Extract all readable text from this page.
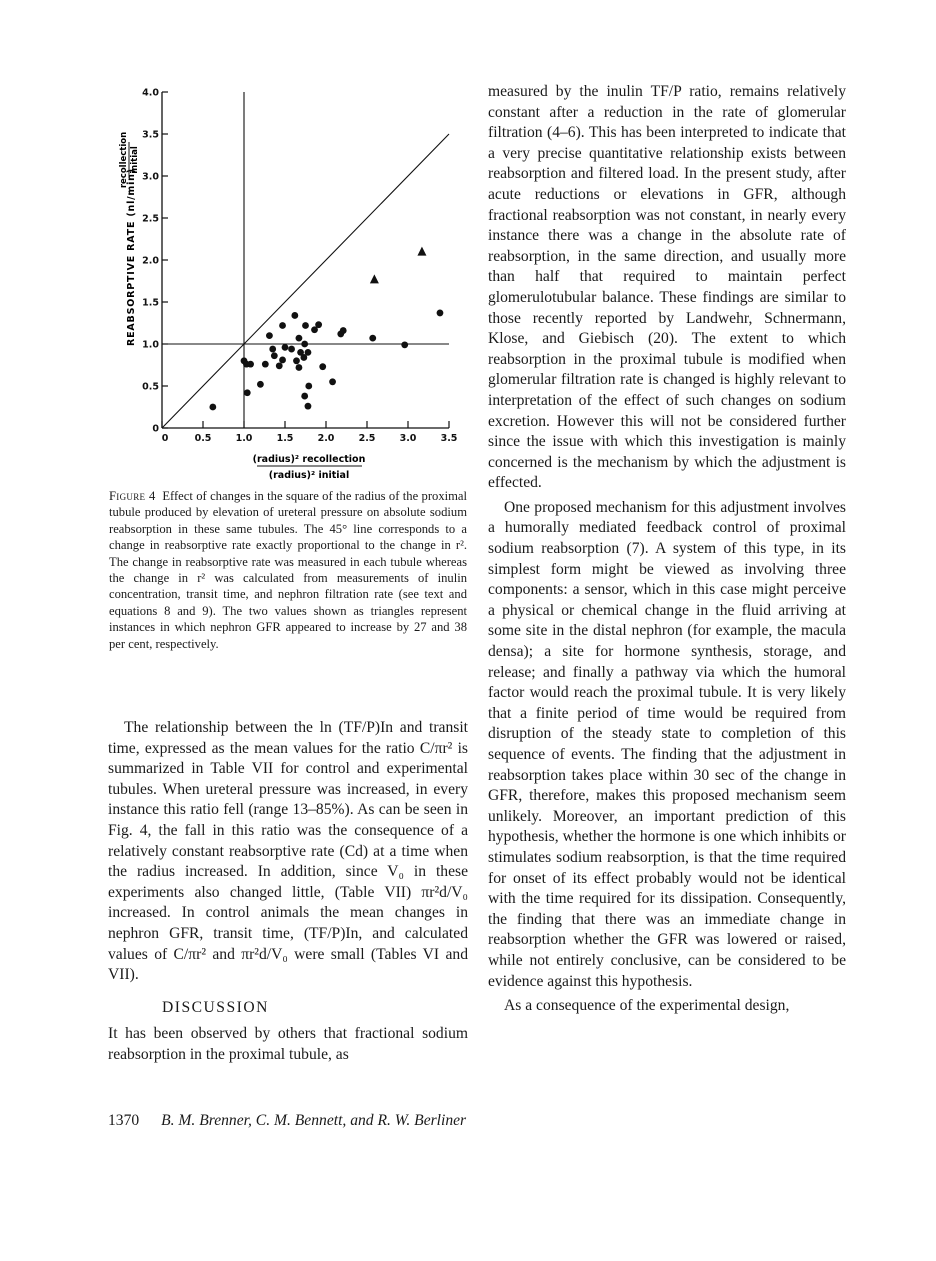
0
0.5
1.0
1.5
2.0
2.5
3.0
3.5
4.0
0	0.5	1.0	1.5	2.0	2.5	3.0	3.5
(radius)² recollection
(radius)² initial
REABSORPTIVE RATE (nl/min)
recollection initial
Figure 4 Effect of changes in the square of the radius of the proximal tubule produced by elevation of ureteral pressure on absolute sodium reabsorption in these same tubules. The 45° line corresponds to a change in reabsorptive rate exactly proportional to the change in r². The change in reabsorptive rate was measured in each tubule whereas the change in r² was calculated from measurements of inulin concentration, transit time, and nephron filtration rate (see text and equations 8 and 9). The two values shown as triangles represent instances in which nephron GFR appeared to increase by 27 and 38 per cent, respectively.

The relationship between the ln (TF/P)In and transit time, expressed as the mean values for the ratio C/πr² is summarized in Table VII for control and experimental tubules. When ureteral pressure was increased, in every instance this ratio fell (range 13–85%). As can be seen in Fig. 4, the fall in this ratio was the consequence of a relatively constant reabsorptive rate (Cd) at a time when the radius increased. In addition, since V₀ in these experiments also changed little, (Table VII) πr²d/V₀ increased. In control animals the mean changes in nephron GFR, transit time, (TF/P)In, and calculated values of C/πr² and πr²d/V₀ were small (Tables VI and VII).

DISCUSSION

It has been observed by others that fractional sodium reabsorption in the proximal tubule, as

measured by the inulin TF/P ratio, remains relatively constant after a reduction in the rate of glomerular filtration (4–6). This has been interpreted to indicate that a very precise quantitative relationship exists between reabsorption and filtered load. In the present study, after acute reductions or elevations in GFR, although fractional reabsorption was not constant, in nearly every instance there was a change in the absolute rate of reabsorption, in the same direction, and usually more than half that required to maintain perfect glomerulotubular balance. These findings are similar to those recently reported by Landwehr, Schnermann, Klose, and Giebisch (20). The extent to which reabsorption in the proximal tubule is modified when glomerular filtration rate is changed is highly relevant to interpretation of the effect of such changes on sodium excretion. However this will not be considered further since the issue with which this investigation is mainly concerned is the mechanism by which the adjustment is effected.

One proposed mechanism for this adjustment involves a humorally mediated feedback control of proximal sodium reabsorption (7). A system of this type, in its simplest form might be viewed as involving three components: a sensor, which in this case might perceive a physical or chemical change in the fluid arriving at some site in the distal nephron (for example, the macula densa); a site for hormone synthesis, storage, and release; and finally a pathway via which the humoral factor would reach the proximal tubule. It is very likely that a finite period of time would be required from disruption of the steady state to completion of this sequence of events. The finding that the adjustment in reabsorption takes place within 30 sec of the change in GFR, therefore, makes this proposed mechanism seem unlikely. Moreover, an important prediction of this hypothesis, whether the hormone is one which inhibits or stimulates sodium reabsorption, is that the time required for onset of its effect probably would not be identical with the time required for its dissipation. Consequently, the finding that there was an immediate change in reabsorption whether the GFR was lowered or raised, while not entirely conclusive, can be considered to be evidence against this hypothesis.

As a consequence of the experimental design,

1370 B. M. Brenner, C. M. Bennett, and R. W. Berliner
